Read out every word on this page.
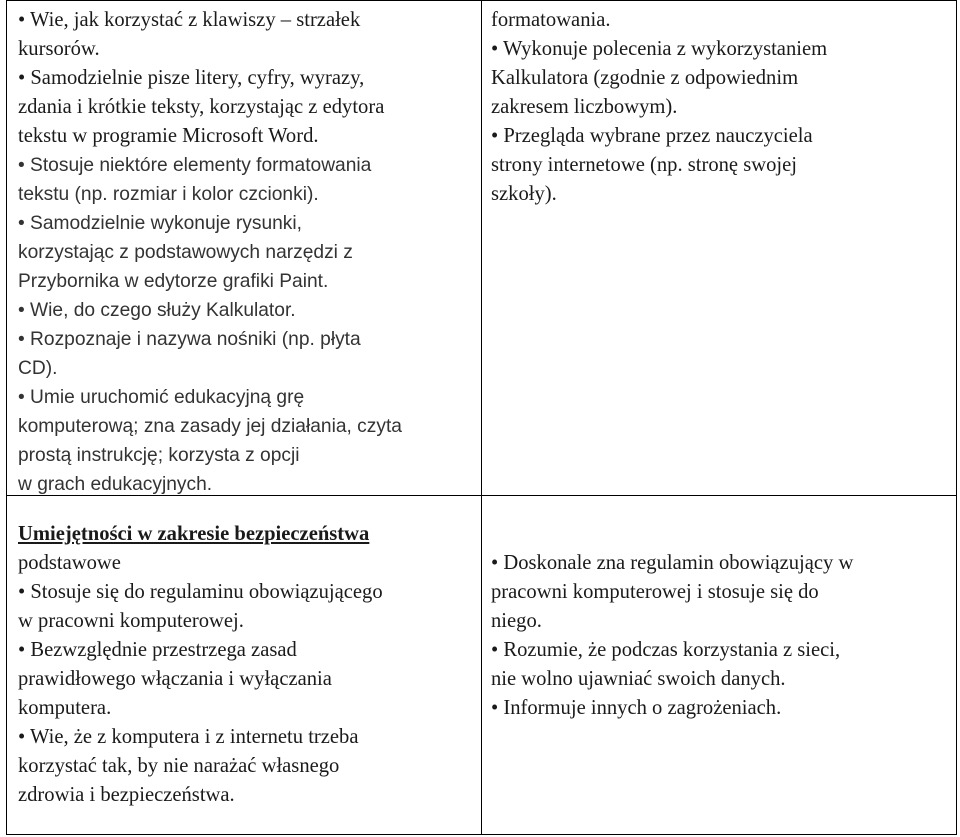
• Wie, jak korzystać z klawiszy – strzałek
kursorów.
• Samodzielnie pisze litery, cyfry, wyrazy,
zdania i krótkie teksty, korzystając z edytora
tekstu w programie Microsoft Word.
• Stosuje niektóre elementy formatowania
tekstu (np. rozmiar i kolor czcionki).
• Samodzielnie wykonuje rysunki,
korzystając z podstawowych narzędzi z
Przybornika w edytorze grafiki Paint.
• Wie, do czego służy Kalkulator.
• Rozpoznaje i nazywa nośniki (np. płyta
CD).
• Umie uruchomić edukacyjną grę
komputerową; zna zasady jej działania, czyta
prostą instrukcję; korzysta z opcji
w grach edukacyjnych.
formatowania.
• Wykonuje polecenia z wykorzystaniem
Kalkulatora (zgodnie z odpowiednim
zakresem liczbowym).
• Przegląda wybrane przez nauczyciela
strony internetowe (np. stronę swojej
szkoły).
Umiejętności w zakresie bezpieczeństwa
podstawowe
• Stosuje się do regulaminu obowiązującego
w pracowni komputerowej.
• Bezwzględnie przestrzega zasad
prawidłowego włączania i wyłączania
komputera.
• Wie, że z komputera i z internetu trzeba
korzystać tak, by nie narażać własnego
zdrowia i bezpieczeństwa.
• Doskonale zna regulamin obowiązujący w
pracowni komputerowej i stosuje się do
niego.
• Rozumie, że podczas korzystania z sieci,
nie wolno ujawniać swoich danych.
• Informuje innych o zagrożeniach.
